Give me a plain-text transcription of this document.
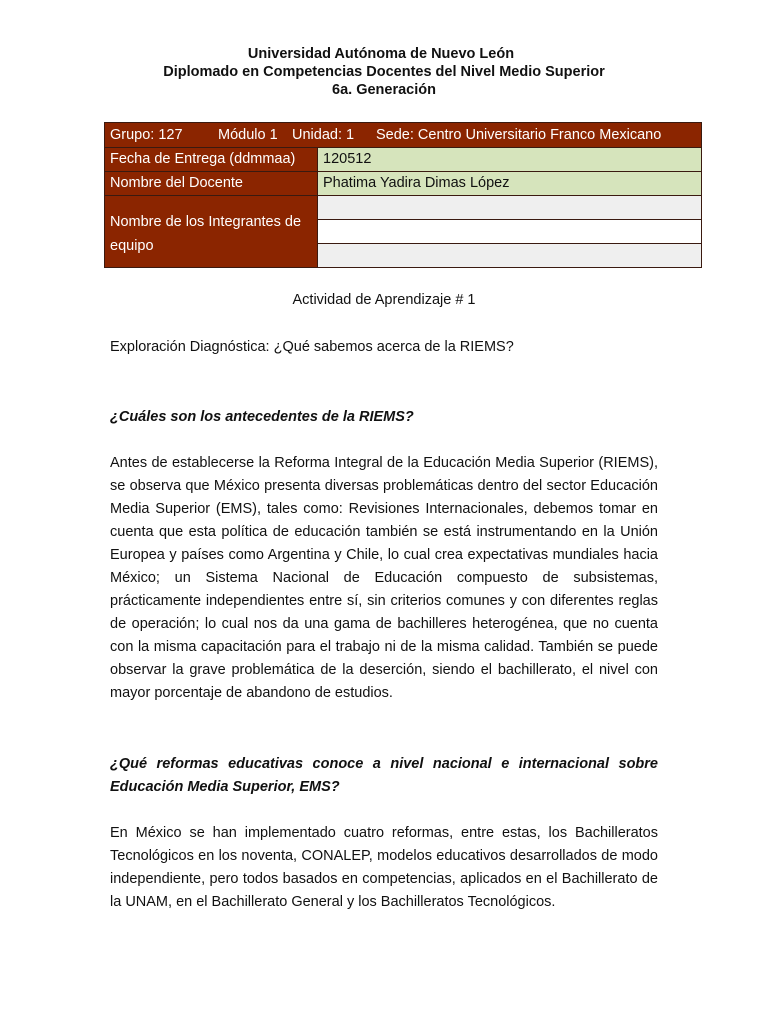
Universidad Autónoma de Nuevo León
Diplomado en Competencias Docentes del Nivel Medio Superior
6a. Generación
Grupo: 127 Módulo 1 Unidad: 1 Sede: Centro Universitario Franco Mexicano	

Fecha de Entrega (ddmmaa)	120512
Nombre del Docente	Phatima Yadira Dimas López
Nombre de los Integrantes de equipo	

Actividad de Aprendizaje # 1
Exploración Diagnóstica: ¿Qué sabemos acerca de la RIEMS?
¿Cuáles son los antecedentes de la RIEMS?
Antes de establecerse la Reforma Integral de la Educación Media Superior (RIEMS), se observa que México presenta diversas problemáticas dentro del sector Educación Media Superior (EMS), tales como: Revisiones Internacionales, debemos tomar en cuenta que esta política de educación también se está instrumentando en la Unión Europea y países como Argentina y Chile, lo cual crea expectativas mundiales hacia México; un Sistema Nacional de Educación compuesto de subsistemas, prácticamente independientes entre sí, sin criterios comunes y con diferentes reglas de operación; lo cual nos da una gama de bachilleres heterogénea, que no cuenta con la misma capacitación para el trabajo ni de la misma calidad. También se puede observar la grave problemática de la deserción, siendo el bachillerato, el nivel con mayor porcentaje de abandono de estudios.
¿Qué reformas educativas conoce a nivel nacional e internacional sobre Educación Media Superior, EMS?
En México se han implementado cuatro reformas, entre estas, los Bachilleratos Tecnológicos en los noventa, CONALEP, modelos educativos desarrollados de modo independiente, pero todos basados en competencias, aplicados en el Bachillerato de la UNAM, en el Bachillerato General y los Bachilleratos Tecnológicos.
